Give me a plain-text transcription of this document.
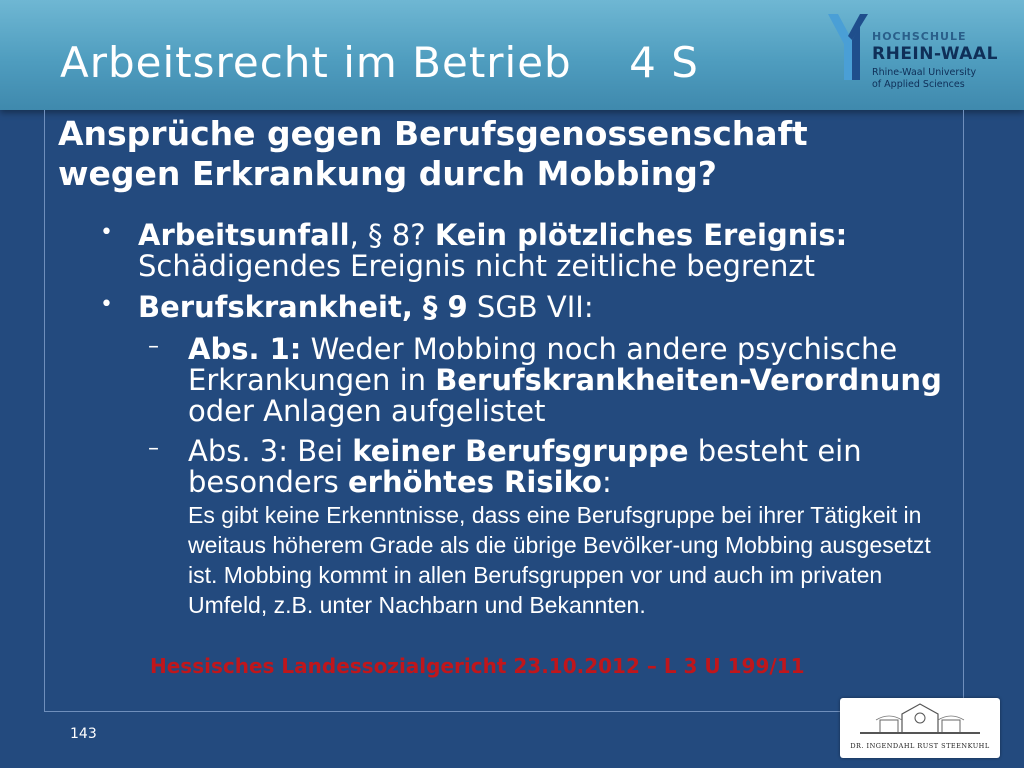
Arbeitsrecht im Betrieb    4 S
HOCHSCHULE
RHEIN-WAAL
Rhine-Waal University
of Applied Sciences
Ansprüche gegen Berufsgenossenschaft
wegen Erkrankung durch Mobbing?
• Arbeitsunfall, § 8? Kein plötzliches Ereignis:
Schädigendes Ereignis nicht zeitliche begrenzt
• Berufskrankheit, § 9 SGB VII:
– Abs. 1: Weder Mobbing noch andere psychische Erkrankungen in Berufskrankheiten-Verordnung oder Anlagen aufgelistet
– Abs. 3: Bei keiner Berufsgruppe besteht ein besonders erhöhtes Risiko:
Es gibt keine Erkenntnisse, dass eine Berufsgruppe bei ihrer Tätigkeit in weitaus höherem Grade als die übrige Bevölker-ung Mobbing ausgesetzt ist. Mobbing kommt in allen Berufsgruppen vor und auch im privaten Umfeld, z.B. unter Nachbarn und Bekannten.

Hessisches Landessozialgericht 23.10.2012 – L 3 U 199/11

143
DR. INGENDAHL RUST STEENKUHL
